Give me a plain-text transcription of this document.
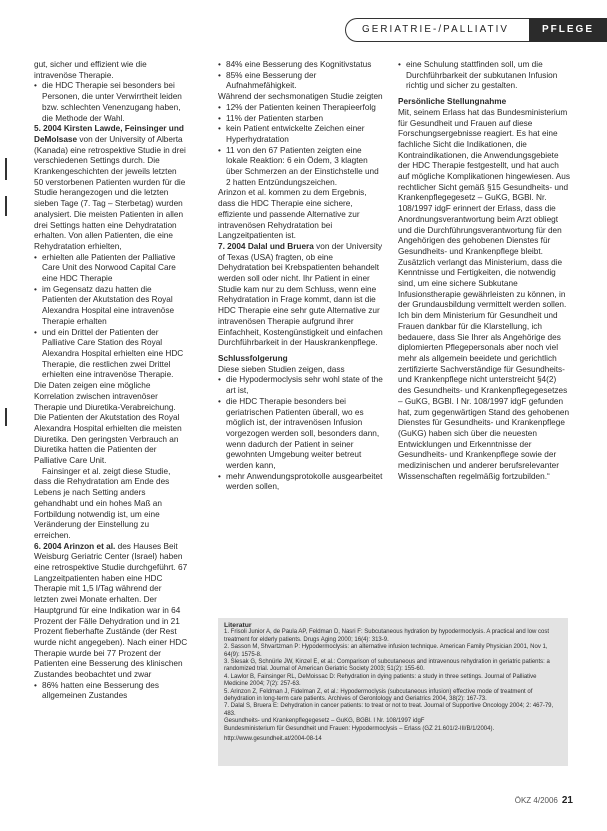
GERIATRIE-/PALLIATIV	PFLEGE

gut, sicher und effizient wie die intravenöse Therapie.

• die HDC Therapie sei besonders bei Personen, die unter Verwirrtheit leiden bzw. schlechten Venenzugang haben, die Methode der Wahl.

5. 2004 Kirsten Lawde, Feinsinger und DeMolsase von der University of Alberta (Kanada) eine retrospektive Studie in drei verschiedenen Settings durch. Die Krankengeschichten der jeweils letzten 50 verstorbenen Patienten wurden für die Studie herangezogen und die letzten sieben Tage (7. Tag – Sterbetag) wurden analysiert. Die meisten Patienten in allen drei Settings hatten eine Dehydratation erhalten. Von allen Patienten, die eine Rehydratation erhielten,

• erhielten alle Patienten der Palliative Care Unit des Norwood Capital Care eine HDC Therapie
• im Gegensatz dazu hatten die Patienten der Akutstation des Royal Alexandra Hospital eine intravenöse Therapie erhalten
• und ein Drittel der Patienten der Palliative Care Station des Royal Alexandra Hospital erhielten eine HDC Therapie, die restlichen zwei Drittel erhielten eine intravenöse Therapie.

Die Daten zeigen eine mögliche Korrelation zwischen intravenöser Therapie und Diuretika-Verabreichung. Die Patienten der Akutstation des Royal Alexandra Hospital erhielten die meisten Diuretika. Den geringsten Verbrauch an Diuretika hatten die Patienten der Palliative Care Unit.

Fainsinger et al. zeigt diese Studie, dass die Rehydratation am Ende des Lebens je nach Setting anders gehandhabt und ein hohes Maß an Fortbildung notwendig ist, um eine Veränderung der Einstellung zu erreichen.

6. 2004 Arinzon et al. des Hauses Beit Weisburg Geriatric Center (Israel) haben eine retrospektive Studie durchgeführt. 67 Langzeitpatienten haben eine HDC Therapie mit 1,5 l/Tag während der letzten zwei Monate erhalten. Der Hauptgrund für eine Indikation war in 64 Prozent der Fälle Dehydration und in 21 Prozent fieberhafte Zustände (der Rest wurde nicht angegeben). Nach einer HDC Therapie wurde bei 77 Prozent der Patienten eine Besserung des klinischen Zustandes beobachtet und zwar

• 86% hatten eine Besserung des allgemeinen Zustandes
• 84% eine Besserung des Kognitivstatus
• 85% eine Besserung der Aufnahmefähigkeit.

Während der sechsmonatigen Studie zeigten

• 12% der Patienten keinen Therapieerfolg
• 11% der Patienten starben
• kein Patient entwickelte Zeichen einer Hyperhydratation
• 11 von den 67 Patienten zeigten eine lokale Reaktion: 6 ein Ödem, 3 klagten über Schmerzen an der Einstichstelle und 2 hatten Entzündungszeichen.

Arinzon et al. kommen zu dem Ergebnis, dass die HDC Therapie eine sichere, effiziente und passende Alternative zur intravenösen Rehydratation bei Langzeitpatienten ist.

7. 2004 Dalal und Bruera von der University of Texas (USA) fragten, ob eine Dehydratation bei Krebspatienten behandelt werden soll oder nicht. Ihr Patient in einer Studie kam nur zu dem Schluss, wenn eine Rehydratation in Frage kommt, dann ist die HDC Therapie eine sehr gute Alternative zur intravenösen Therapie aufgrund ihrer Einfachheit, Kostengünstigkeit und einfachen Durchführbarkeit in der Hauskrankenpflege.

Schlussfolgerung

Diese sieben Studien zeigen, dass

• die Hypodermoclysis sehr wohl state of the art ist,
• die HDC Therapie besonders bei geriatrischen Patienten überall, wo es möglich ist, der intravenösen Infusion vorgezogen werden soll, besonders dann, wenn dadurch der Patient in seiner gewohnten Umgebung weiter betreut werden kann,
• mehr Anwendungsprotokolle ausgearbeitet werden sollen,
• eine Schulung stattfinden soll, um die Durchführbarkeit der subkutanen Infusion richtig und sicher zu gestalten.

Persönliche Stellungnahme

Mit, seinem Erlass hat das Bundesministerium für Gesundheit und Frauen auf diese Forschungsergebnisse reagiert. Es hat eine fachliche Sicht die Indikationen, die Kontraindikationen, die Anwendungsgebiete der HDC Therapie festgestellt, und hat auch auf mögliche Komplikationen hingewiesen. Aus rechtlicher Sicht gemäß §15 Gesundheits- und Krankenpflegegesetz – GuKG, BGBl. Nr. 108/1997 idgF erinnert der Erlass, dass die Anordnungsverantwortung beim Arzt obliegt und die Durchführungsverantwortung für den Angehörigen des gehobenen Dienstes für Gesundheits- und Krankenpflege bleibt. Zusätzlich verlangt das Ministerium, dass die Kenntnisse und Fertigkeiten, die notwendig sind, um eine sichere Subkutane Infusionstherapie gewährleisten zu können, in der Grundausbildung vermittelt werden sollen. Ich bin dem Ministerium für Gesundheit und Frauen dankbar für die Klarstellung, ich bedauere, dass Sie Ihrer als Angehörige des diplomierten Pflegepersonals aber noch viel mehr als allgemein beeidete und gerichtlich zertifizierte Sachverständige für Gesundheits- und Krankenpflege nicht unterstreicht §4(2) des Gesundheits- und Krankenpflegegesetzes – GuKG, BGBl. I Nr. 108/1997 idgF gefunden hat, zum gegenwärtigen Stand des gehobenen Dienstes für Gesundheits- und Krankenpflege (GuKG) haben sich über die neuesten Entwicklungen und Erkenntnisse der Gesundheits- und Krankenpflege sowie der medizinischen und anderer berufsrelevanter Wissenschaften regelmäßig fortzubilden.“

Literatur

1. Frisoli Junior A, de Paula AP, Feldman D, Nasri F: Subcutaneous hydration by hypodermoclysis. A practical and low cost treatment for elderly patients. Drugs Aging 2000; 16(4): 313-9.

2. Sasson M, Shvartzman P: Hypodermoclysis: an alternative infusion technique. American Family Physician 2001, Nov 1, 64(9): 1575-8.

3. Slesak G, Schnürle JW, Kinzel E, et al.: Comparison of subcutaneous and intravenous rehydration in geriatric patients: a randomized trial. Journal of American Geriatric Society 2003; 51(2): 155-60.

4. Lawlor B, Fainsinger RL, DeMoissac D: Rehydration in dying patients: a study in three settings. Journal of Palliative Medicine 2004; 7(2): 257-63.

5. Arinzon Z, Feldman J, Fidelman Z, et al.: Hypodermoclysis (subcutaneous infusion) effective mode of treatment of dehydration in long-term care patients. Archives of Gerontology and Geriatrics 2004, 38(2): 167-73.

7. Dalal S, Bruera E: Dehydration in cancer patients: to treat or not to treat. Journal of Supportive Oncology 2004; 2: 467-79, 483.

Gesundheits- und Krankenpflegegesetz – GuKG, BGBl. I Nr. 108/1997 idgF

Bundesministerium für Gesundheit und Frauen: Hypodermoclysis – Erlass (GZ 21.601/2-III/B/1/2004).

http://www.gesundheit.at/2004-08-14

ÖKZ 4/2006 21
